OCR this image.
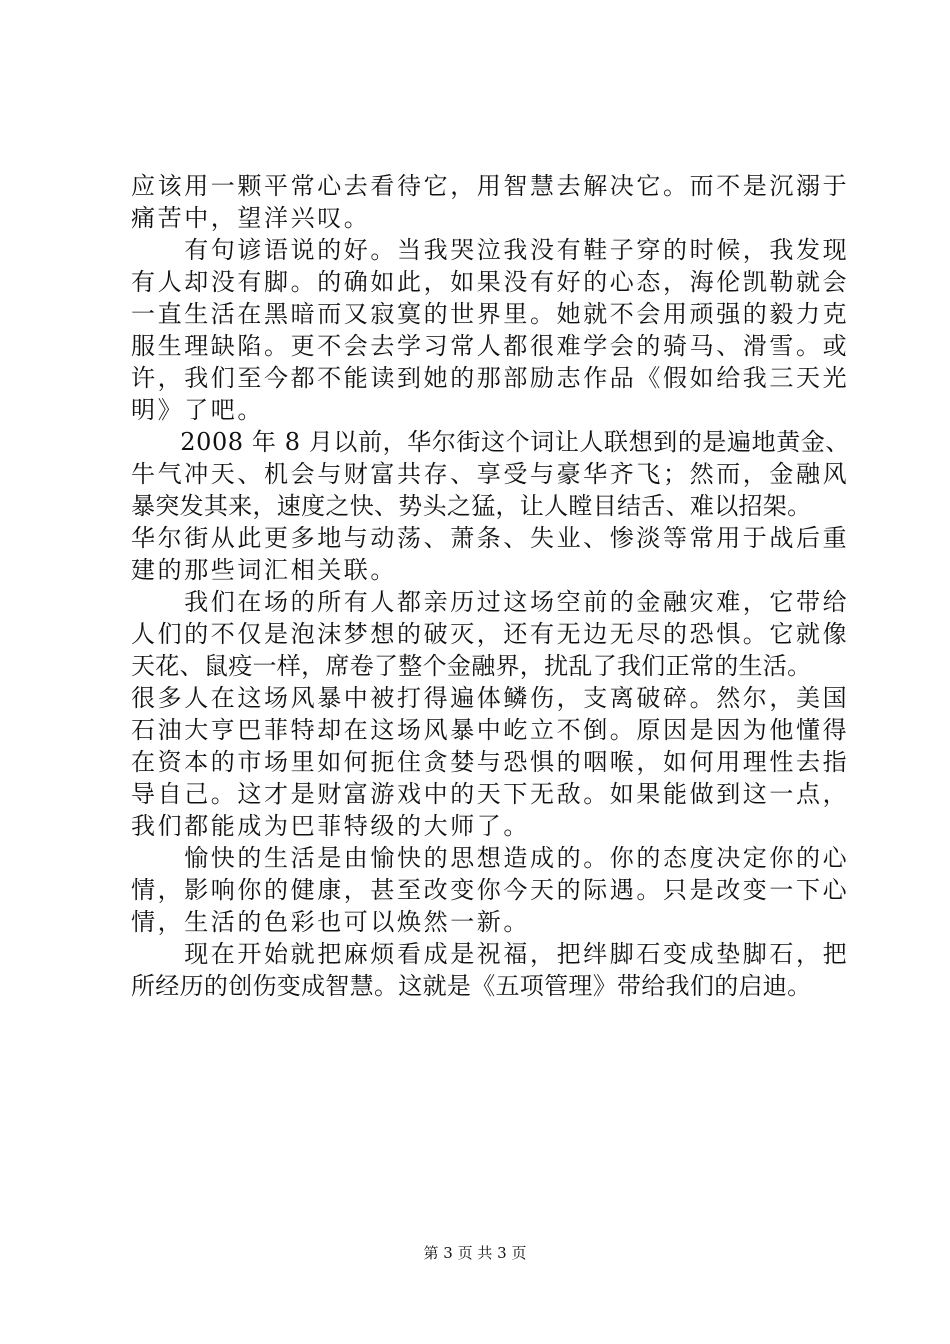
应该用一颗平常心去看待它，用智慧去解决它。而不是沉溺于
痛苦中，望洋兴叹。
　　有句谚语说的好。当我哭泣我没有鞋子穿的时候，我发现
有人却没有脚。的确如此，如果没有好的心态，海伦凯勒就会
一直生活在黑暗而又寂寞的世界里。她就不会用顽强的毅力克
服生理缺陷。更不会去学习常人都很难学会的骑马、滑雪。或
许，我们至今都不能读到她的那部励志作品《假如给我三天光
明》了吧。
　　2008 年 8 月以前，华尔街这个词让人联想到的是遍地黄金、
牛气冲天、机会与财富共存、享受与豪华齐飞；然而，金融风
暴突发其来，速度之快、势头之猛，让人瞠目结舌、难以招架。
华尔街从此更多地与动荡、萧条、失业、惨淡等常用于战后重
建的那些词汇相关联。
　　我们在场的所有人都亲历过这场空前的金融灾难，它带给
人们的不仅是泡沫梦想的破灭，还有无边无尽的恐惧。它就像
天花、鼠疫一样，席卷了整个金融界，扰乱了我们正常的生活。
很多人在这场风暴中被打得遍体鳞伤，支离破碎。然尔，美国
石油大亨巴菲特却在这场风暴中屹立不倒。原因是因为他懂得
在资本的市场里如何扼住贪婪与恐惧的咽喉，如何用理性去指
导自己。这才是财富游戏中的天下无敌。如果能做到这一点，
我们都能成为巴菲特级的大师了。
　　愉快的生活是由愉快的思想造成的。你的态度决定你的心
情，影响你的健康，甚至改变你今天的际遇。只是改变一下心
情，生活的色彩也可以焕然一新。
　　现在开始就把麻烦看成是祝福，把绊脚石变成垫脚石，把
所经历的创伤变成智慧。这就是《五项管理》带给我们的启迪。
第 3 页 共 3 页
